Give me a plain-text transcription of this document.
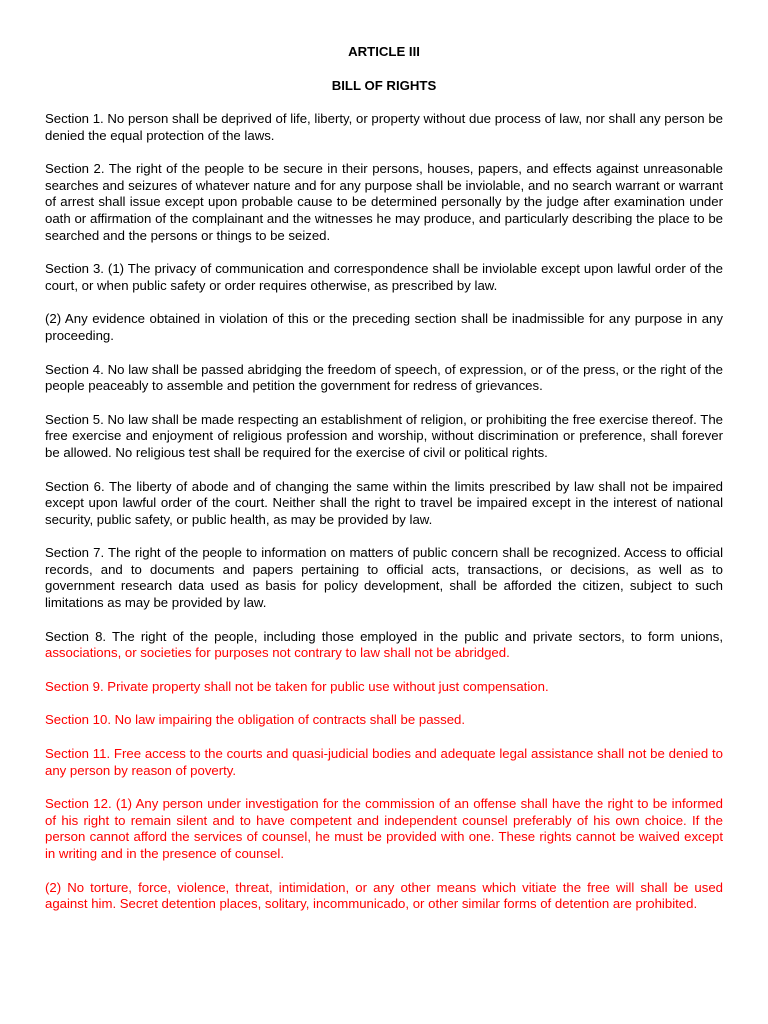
ARTICLE III
BILL OF RIGHTS

Section 1. No person shall be deprived of life, liberty, or property without due process of law, nor shall any person be denied the equal protection of the laws.

Section 2. The right of the people to be secure in their persons, houses, papers, and effects against unreasonable searches and seizures of whatever nature and for any purpose shall be inviolable, and no search warrant or warrant of arrest shall issue except upon probable cause to be determined personally by the judge after examination under oath or affirmation of the complainant and the witnesses he may produce, and particularly describing the place to be searched and the persons or things to be seized.

Section 3. (1) The privacy of communication and correspondence shall be inviolable except upon lawful order of the court, or when public safety or order requires otherwise, as prescribed by law.

(2) Any evidence obtained in violation of this or the preceding section shall be inadmissible for any purpose in any proceeding.

Section 4. No law shall be passed abridging the freedom of speech, of expression, or of the press, or the right of the people peaceably to assemble and petition the government for redress of grievances.

Section 5. No law shall be made respecting an establishment of religion, or prohibiting the free exercise thereof. The free exercise and enjoyment of religious profession and worship, without discrimination or preference, shall forever be allowed. No religious test shall be required for the exercise of civil or political rights.

Section 6. The liberty of abode and of changing the same within the limits prescribed by law shall not be impaired except upon lawful order of the court. Neither shall the right to travel be impaired except in the interest of national security, public safety, or public health, as may be provided by law.

Section 7. The right of the people to information on matters of public concern shall be recognized. Access to official records, and to documents and papers pertaining to official acts, transactions, or decisions, as well as to government research data used as basis for policy development, shall be afforded the citizen, subject to such limitations as may be provided by law.

Section 8. The right of the people, including those employed in the public and private sectors, to form unions, associations, or societies for purposes not contrary to law shall not be abridged.

Section 9. Private property shall not be taken for public use without just compensation.

Section 10. No law impairing the obligation of contracts shall be passed.

Section 11. Free access to the courts and quasi-judicial bodies and adequate legal assistance shall not be denied to any person by reason of poverty.

Section 12. (1) Any person under investigation for the commission of an offense shall have the right to be informed of his right to remain silent and to have competent and independent counsel preferably of his own choice. If the person cannot afford the services of counsel, he must be provided with one. These rights cannot be waived except in writing and in the presence of counsel.

(2) No torture, force, violence, threat, intimidation, or any other means which vitiate the free will shall be used against him. Secret detention places, solitary, incommunicado, or other similar forms of detention are prohibited.
